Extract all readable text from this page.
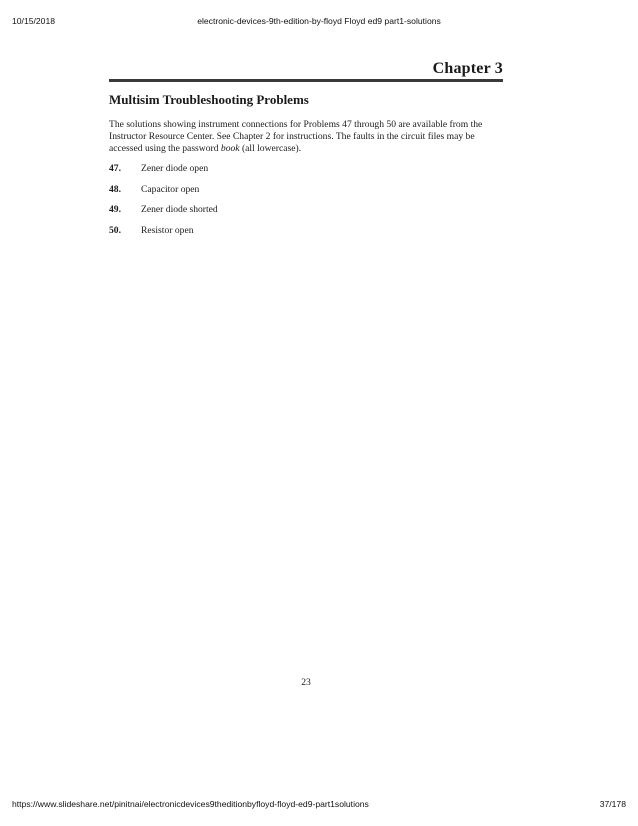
electronic-devices-9th-edition-by-floyd Floyd ed9 part1-solutions
10/15/2018
Chapter 3
Multisim Troubleshooting Problems
The solutions showing instrument connections for Problems 47 through 50 are available from the
Instructor Resource Center. See Chapter 2 for instructions. The faults in the circuit files may be
accessed using the password book (all lowercase).
47. Zener diode open
48. Capacitor open
49. Zener diode shorted
50. Resistor open
23
https://www.slideshare.net/pinitnai/electronicdevices9theditionbyfloyd-floyd-ed9-part1solutions	37/178
